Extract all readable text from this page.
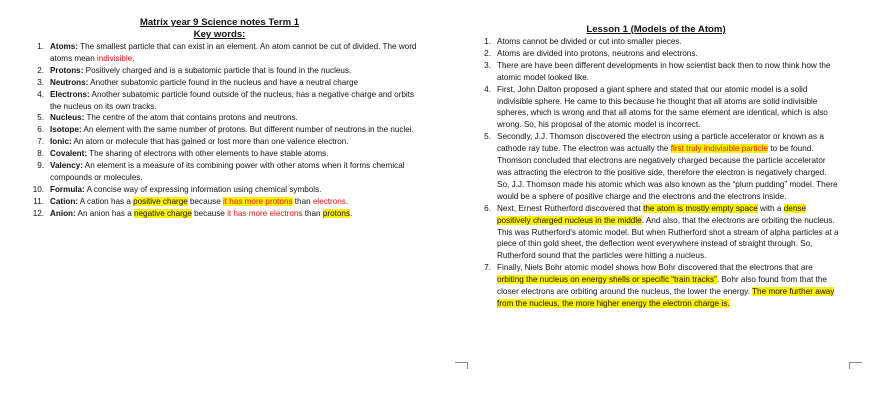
Matrix year 9 Science notes Term 1
Key words:
1. Atoms: The smallest particle that can exist in an element. An atom cannot be cut of divided. The word atoms mean indivisible.
2. Protons: Positively charged and is a subatomic particle that is found in the nucleus.
3. Neutrons: Another subatomic particle found in the nucleus and have a neutral charge
4. Electrons: Another subatomic particle found outside of the nucleus, has a negative charge and orbits the nucleus on its own tracks.
5. Nucleus: The centre of the atom that contains protons and neutrons.
6. Isotope: An element with the same number of protons. But different number of neutrons in the nuclei.
7. Ionic: An atom or molecule that has gained or lost more than one valence electron.
8. Covalent: The sharing of electrons with other elements to have stable atoms.
9. Valency: An element is a measure of its combining power with other atoms when it forms chemical compounds or molecules.
10. Formula: A concise way of expressing information using chemical symbols.
11. Cation: A cation has a positive charge because it has more protons than electrons.
12. Anion: An anion has a negative charge because it has more electrons than protons.
Lesson 1 (Models of the Atom)
1. Atoms cannot be divided or cut into smaller pieces.
2. Atoms are divided into protons, neutrons and electrons.
3. There are have been different developments in how scientist back then to now think how the atomic model looked like.
4. First, John Dalton proposed a giant sphere and stated that our atomic model is a solid indivisible sphere. He came to this because he thought that all atoms are solid indivisible spheres, which is wrong and that all atoms for the same element are identical, which is also wrong. So, his proposal of the atomic model is incorrect.
5. Secondly, J.J. Thomson discovered the electron using a particle accelerator or known as a cathode ray tube. The electron was actually the first truly indivisible particle to be found. Thomson concluded that electrons are negatively charged because the particle accelerator was attracting the electron to the positive side, therefore the electron is negatively charged. So, J.J. Thomson made his atomic which was also known as the “plum pudding” model. There would be a sphere of positive charge and the electrons and the electrons inside.
6. Next, Ernest Rutherford discovered that the atom is mostly empty space with a dense positively charged nucleus in the middle. And also, that the electrons are orbiting the nucleus. This was Rutherford’s atomic model. But when Rutherford shot a stream of alpha particles at a piece of thin gold sheet, the deflection went everywhere instead of straight through. So, Rutherford sound that the particles were hitting a nucleus.
7. Finally, Niels Bohr atomic model shows how Bohr discovered that the electrons that are orbiting the nucleus on energy shells or specific “train tracks”. Bohr also found from that the closer electrons are orbiting around the nucleus, the lower the energy. The more further away from the nucleus, the more higher energy the electron charge is.
